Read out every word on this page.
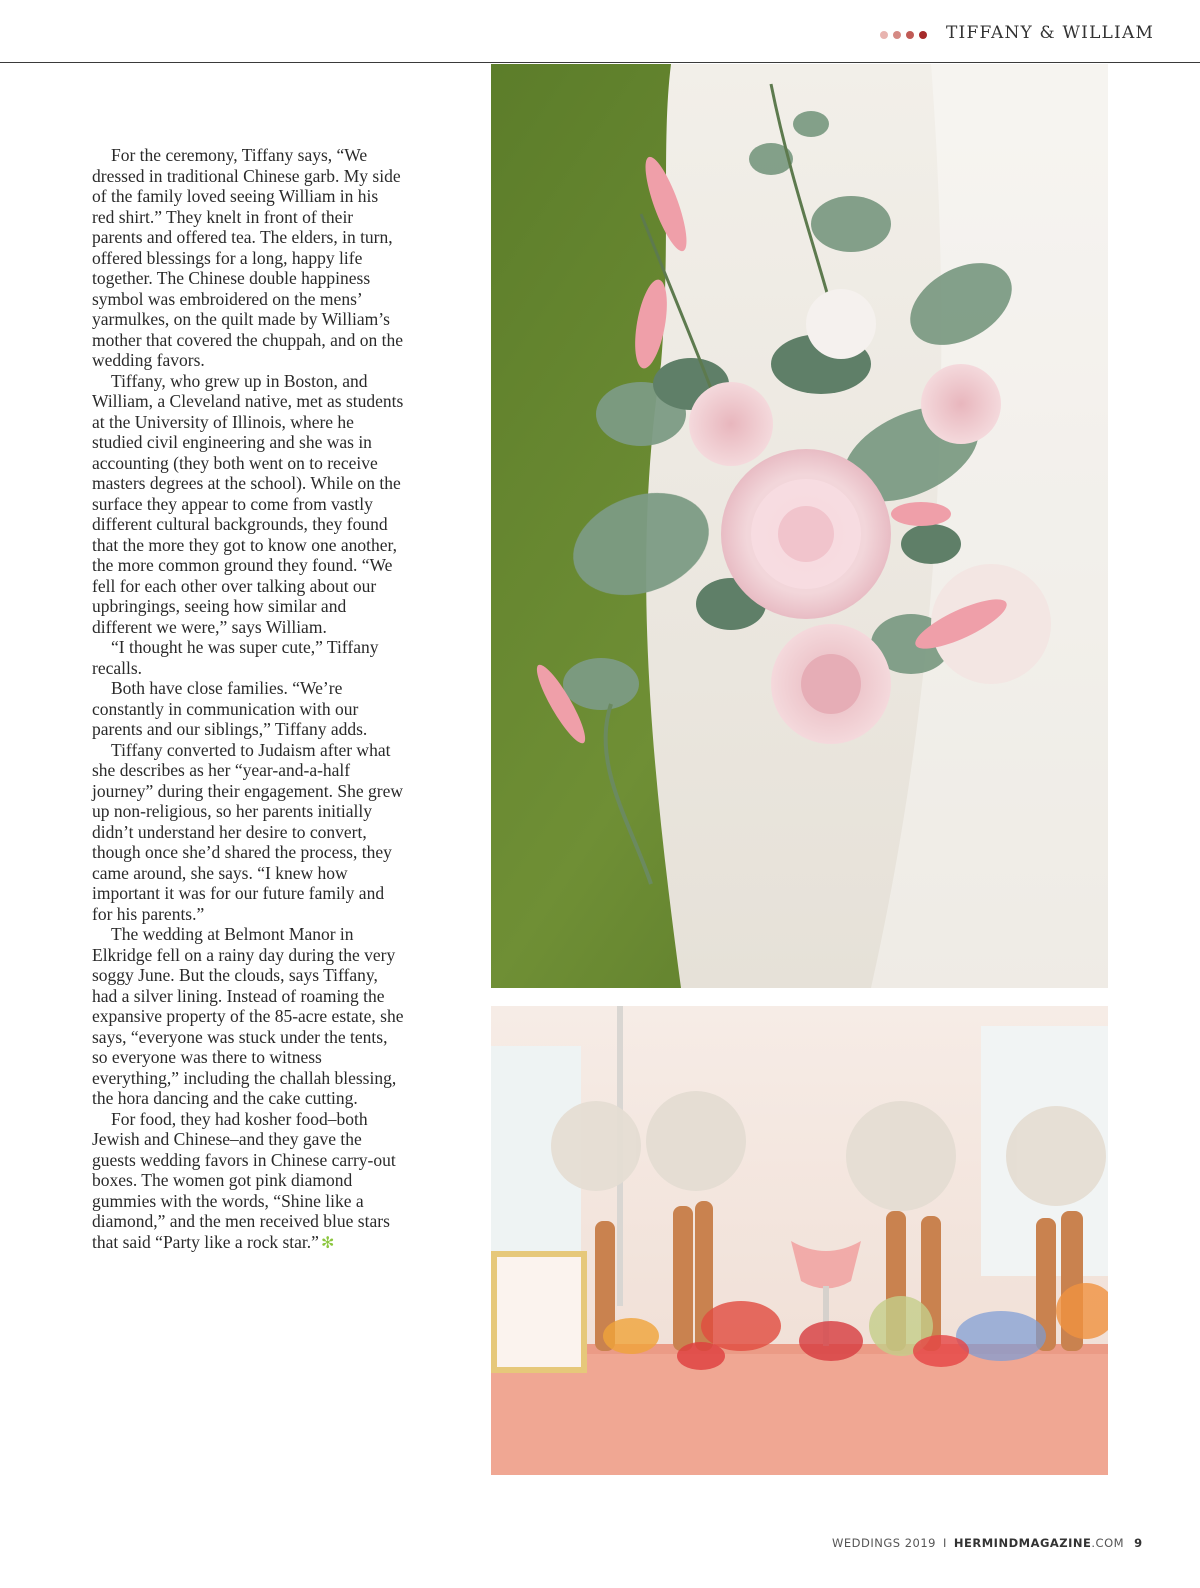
TIFFANY & WILLIAM

For the ceremony, Tiffany says, “We dressed in traditional Chinese garb. My side of the family loved seeing William in his red shirt.” They knelt in front of their parents and offered tea. The elders, in turn, offered blessings for a long, happy life together. The Chinese double happiness symbol was embroidered on the mens’ yarmulkes, on the quilt made by William’s mother that covered the chuppah, and on the wedding favors.

Tiffany, who grew up in Boston, and William, a Cleveland native, met as students at the University of Illinois, where he studied civil engineering and she was in accounting (they both went on to receive masters degrees at the school). While on the surface they appear to come from vastly different cultural backgrounds, they found that the more they got to know one another, the more common ground they found. “We fell for each other over talking about our upbringings, seeing how similar and different we were,” says William.

“I thought he was super cute,” Tiffany recalls.

Both have close families. “We’re constantly in communication with our parents and our siblings,” Tiffany adds.

Tiffany converted to Judaism after what she describes as her “year-and-a-half journey” during their engagement. She grew up non-religious, so her parents initially didn’t understand her desire to convert, though once she’d shared the process, they came around, she says. “I knew how important it was for our future family and for his parents.”

The wedding at Belmont Manor in Elkridge fell on a rainy day during the very soggy June. But the clouds, says Tiffany, had a silver lining. Instead of roaming the expansive property of the 85-acre estate, she says, “everyone was stuck under the tents, so everyone was there to witness everything,” including the challah blessing, the hora dancing and the cake cutting.

For food, they had kosher food–both Jewish and Chinese–and they gave the guests wedding favors in Chinese carry-out boxes. The women got pink diamond gummies with the words, “Shine like a diamond,” and the men received blue stars that said “Party like a rock star.” ✻

WEDDINGS 2019 I HERMINDMAGAZINE.COM 9
